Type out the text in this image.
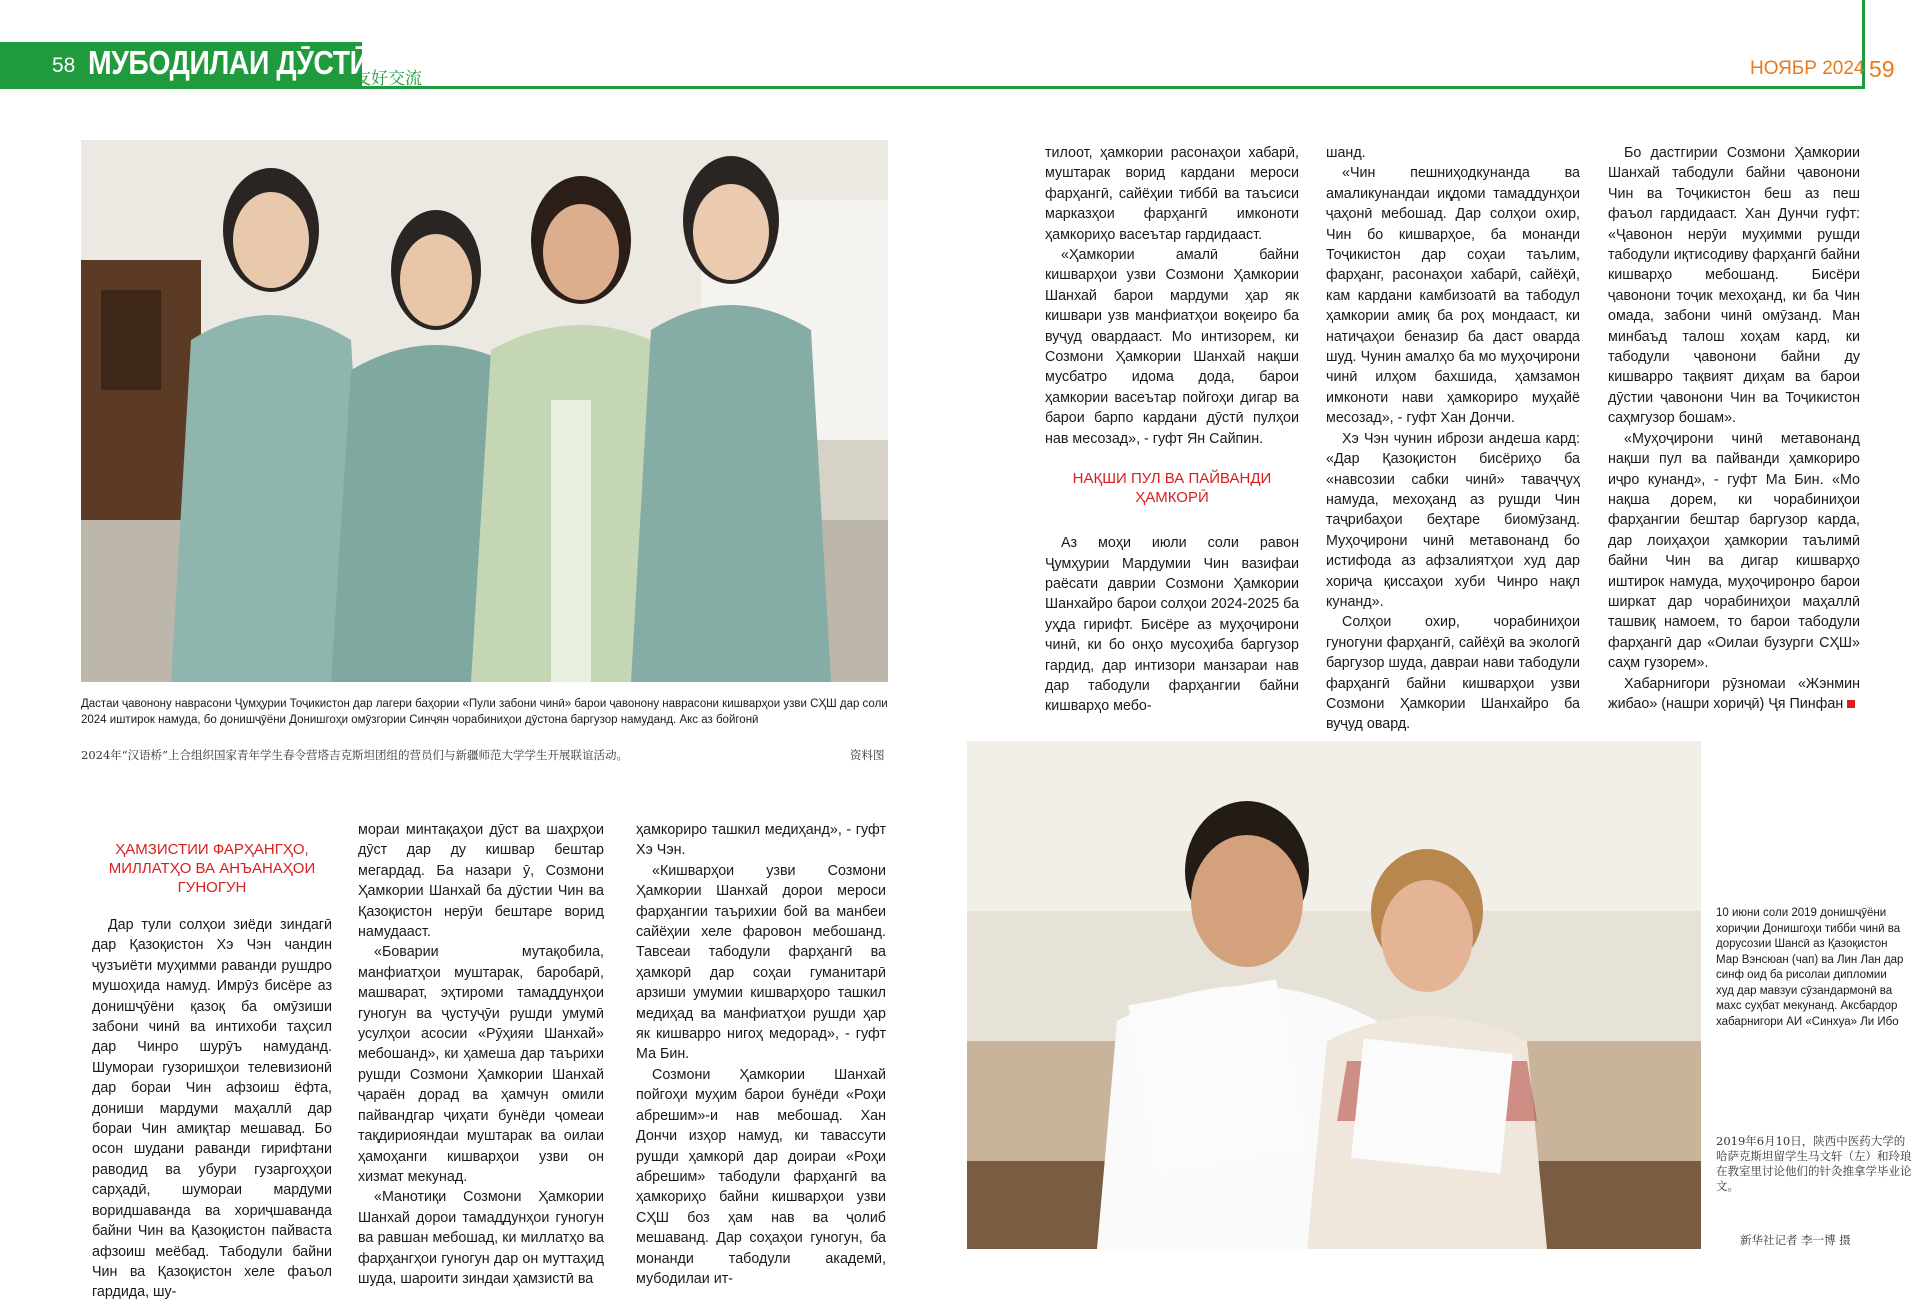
58 МУБОДИЛАИ ДӮСТӢ
友好交流	НОЯБР 2024 59
Дастаи ҷавонону наврасони Ҷумҳурии Тоҷикистон дар лагери баҳории «Пули забони чинӣ» барои ҷавонону наврасони кишварҳои узви СҲШ дар соли 2024 иштирок намуда, бо донишҷӯёни Донишгоҳи омӯзгории Синҷян чорабиниҳои дӯстона баргузор намуданд. Акс аз бойгонӣ
2024年“汉语桥”上合组织国家青年学生春令营塔吉克斯坦团组的营员们与新疆师范大学学生开展联谊活动。	资料图

тилоот, ҳамкории расонаҳои хабарӣ, муштарак ворид кардани мероси фарҳангӣ, сайёҳии тиббӣ ва таъсиси марказҳои фарҳангӣ имконоти ҳамкориҳо васеътар гардидааст.

«Ҳамкории амалӣ байни кишварҳои узви Созмони Ҳамкории Шанхай барои мардуми ҳар як кишвари узв манфиатҳои воқеиро ба вуҷуд овардааст. Мо интизорем, ки Созмони Ҳамкории Шанхай нақши мусбатро идома дода, барои ҳамкории васеътар пойгоҳи дигар ва барои барпо кардани дӯстӣ пулҳои нав месозад», - гуфт Ян Сайпин.

НАҚШИ ПУЛ ВА ПАЙВАНДИ ҲАМКОРӢ

Аз моҳи июли соли равон Ҷумҳурии Мардумии Чин вазифаи раёсати даврии Созмони Ҳамкории Шанхайро барои солҳои 2024-2025 ба уҳда гирифт. Бисёре аз муҳоҷирони чинӣ, ки бо онҳо мусоҳиба баргузор гардид, дар интизори манзараи нав дар табодули фарҳангии байни кишварҳо мебо-

шанд.

«Чин пешниҳодкунанда ва амаликунандаи иқдоми тамаддунҳои ҷаҳонӣ мебошад. Дар солҳои охир, Чин бо кишварҳое, ба монанди Тоҷикистон дар соҳаи таълим, фарҳанг, расонаҳои хабарӣ, сайёҳӣ, кам кардани камбизоатӣ ва табодул ҳамкории амиқ ба роҳ мондааст, ки натиҷаҳои беназир ба даст оварда шуд. Чунин амалҳо ба мо муҳоҷирони чинӣ илҳом бахшида, ҳамзамон имконоти нави ҳамкориро муҳайё месозад», - гуфт Хан Дончи.

Хэ Чэн чунин ибрози андеша кард: «Дар Қазоқистон бисёриҳо ба «навсозии сабки чинӣ» таваҷҷуҳ намуда, мехоҳанд аз рушди Чин таҷрибаҳои беҳтаре биомӯзанд. Муҳоҷирони чинӣ метавонанд бо истифода аз афзалиятҳои худ дар хориҷа қиссаҳои хуби Чинро нақл кунанд».

Солҳои охир, чорабиниҳои гуногуни фарҳангӣ, сайёҳӣ ва экологӣ баргузор шуда, давраи нави табодули фарҳангӣ байни кишварҳои узви Созмони Ҳамкории Шанхайро ба вуҷуд овард.

Бо дастгирии Созмони Ҳамкории Шанхай табодули байни ҷавонони Чин ва Тоҷикистон беш аз пеш фаъол гардидааст. Хан Дунчи гуфт: «Ҷавонон нерӯи муҳимми рушди табодули иқтисодиву фарҳангӣ байни кишварҳо мебошанд. Бисёри ҷавонони тоҷик мехоҳанд, ки ба Чин омада, забони чинӣ омӯзанд. Ман минбаъд талош хоҳам кард, ки табодули ҷавонони байни ду кишварро тақвият диҳам ва барои дӯстии ҷавонони Чин ва Тоҷикистон саҳмгузор бошам».

«Муҳоҷирони чинӣ метавонанд нақши пул ва пайванди ҳамкориро иҷро кунанд», - гуфт Ма Бин. «Мо нақша дорем, ки чорабиниҳои фарҳангии бештар баргузор карда, дар лоиҳаҳои ҳамкории таълимӣ байни Чин ва дигар кишварҳо иштирок намуда, муҳоҷиронро барои ширкат дар чорабиниҳои маҳаллӣ ташвиқ намоем, то барои табодули фарҳангӣ дар «Оилаи бузурги СҲШ» саҳм гузорем».

Хабарнигори рӯзномаи «Жэнмин жибао» (нашри хориҷӣ) Ҷя Пинфан

10 июни соли 2019 донишҷӯёни хориҷии Донишгоҳи тибби чинӣ ва дорусозии Шансӣ аз Қазоқистон Мар Вэнсюан (чап) ва Лин Лан дар синф оид ба рисолаи дипломии худ дар мавзуи сӯзандармонӣ ва махс суҳбат мекунанд. Аксбардор хабарнигори АИ «Синхуа» Ли Ибо
2019年6月10日，陕西中医药大学的哈萨克斯坦留学生马文轩（左）和玲琅在教室里讨论他们的针灸推拿学毕业论文。
新华社记者 李一博 摄
ҲАМЗИСТИИ ФАРҲАНГҲО, МИЛЛАТҲО ВА АНЪАНАҲОИ ГУНОГУН

Дар тули солҳои зиёди зиндагӣ дар Қазоқистон Хэ Чэн чандин ҷузъиёти муҳимми раванди рушдро мушоҳида намуд. Имрӯз бисёре аз донишҷӯёни қазоқ ба омӯзиши забони чинӣ ва интихоби таҳсил дар Чинро шурӯъ намуданд. Шумораи гузоришҳои телевизионӣ дар бораи Чин афзоиш ёфта, дониши мардуми маҳаллӣ дар бораи Чин амиқтар мешавад. Бо осон шудани раванди гирифтани раводид ва убури гузаргоҳҳои сарҳадӣ, шумораи мардуми воридшаванда ва хориҷшаванда байни Чин ва Қазоқистон пайваста афзоиш меёбад. Табодули байни Чин ва Қазоқистон хеле фаъол гардида, шу-

мораи минтақаҳои дӯст ва шаҳрҳои дӯст дар ду кишвар бештар мегардад. Ба назари ӯ, Созмони Ҳамкории Шанхай ба дӯстии Чин ва Қазоқистон нерӯи бештаре ворид намудааст.

«Боварии мутақобила, манфиатҳои муштарак, баробарӣ, машварат, эҳтироми тамаддунҳои гуногун ва ҷустуҷӯи рушди умумӣ усулҳои асосии «Рӯҳияи Шанхай» мебошанд», ки ҳамеша дар таърихи рушди Созмони Ҳамкории Шанхай ҷараён дорад ва ҳамчун омили пайвандгар ҷиҳати бунёди ҷомеаи тақдириояндаи муштарак ва оилаи ҳамоҳанги кишварҳои узви он хизмат мекунад.

«Манотиқи Созмони Ҳамкории Шанхай дорои тамаддунҳои гуногун ва равшан мебошад, ки миллатҳо ва фарҳангҳои гуногун дар он муттаҳид шуда, шароити зиндаи ҳамзистӣ ва

ҳамкориро ташкил медиҳанд», - гуфт Хэ Чэн.

«Кишварҳои узви Созмони Ҳамкории Шанхай дорои мероси фарҳангии таърихии бой ва манбеи сайёҳии хеле фаровон мебошанд. Тавсеаи табодули фарҳангӣ ва ҳамкорӣ дар соҳаи гуманитарӣ арзиши умумии кишварҳоро ташкил медиҳад ва манфиатҳои рушди ҳар як кишварро нигоҳ медорад», - гуфт Ма Бин.

Созмони Ҳамкории Шанхай пойгоҳи муҳим барои бунёди «Роҳи абрешим»-и нав мебошад. Хан Дончи изҳор намуд, ки тавассути рушди ҳамкорӣ дар доираи «Роҳи абрешим» табодули фарҳангӣ ва ҳамкориҳо байни кишварҳои узви СҲШ боз ҳам нав ва ҷолиб мешаванд. Дар соҳаҳои гуногун, ба монанди табодули академӣ, мубодилаи ит-
